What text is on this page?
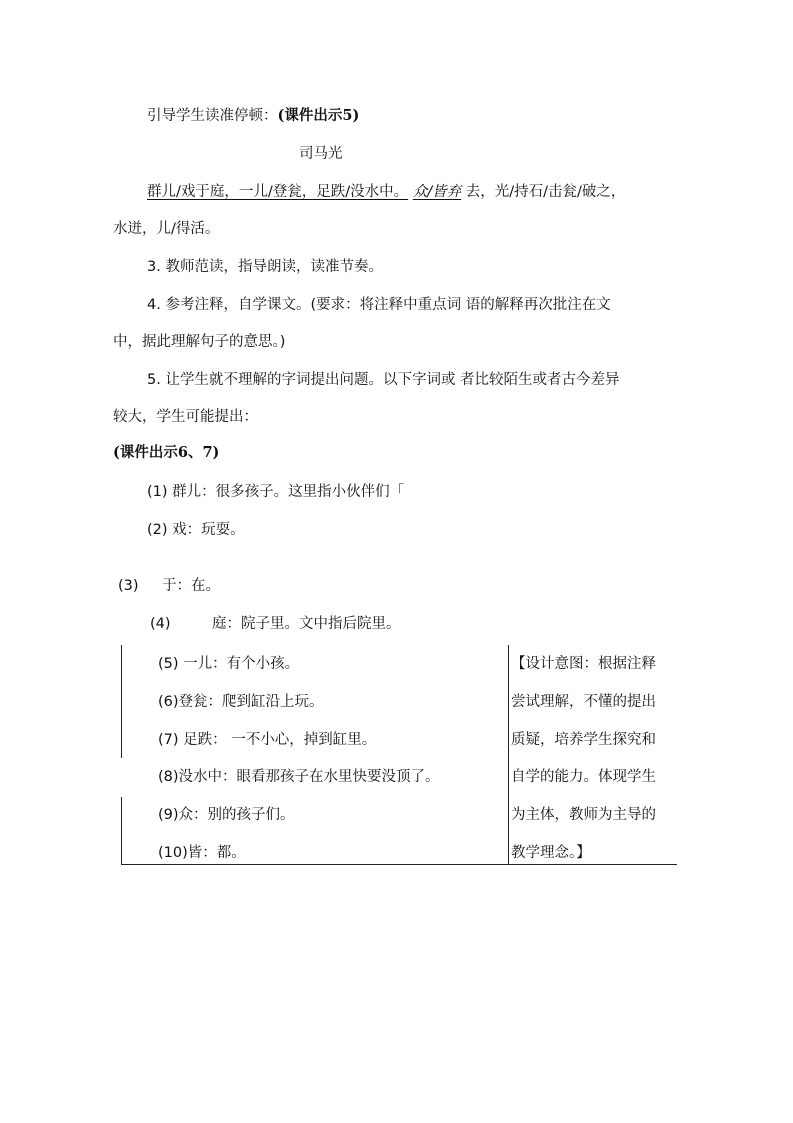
引导学生读准停顿：(课件出示5)
司马光
群儿/戏于庭，一儿/登瓮，足跌/没水中。 众/皆弃 去，光/持石/击瓮/破之，
水迸，儿/得活。
3. 教师范读，指导朗读，读准节奏。
4. 参考注释，自学课文。(要求：将注释中重点词 语的解释再次批注在文
中，据此理解句子的意思。)
5. 让学生就不理解的字词提出问题。以下字词或 者比较陌生或者古今差异
较大，学生可能提出：
(课件出示6、7)
(1) 群儿：很多孩子。这里指小伙伴们「
(2) 戏：玩耍。
(3) 于：在。
(4)	庭：院子里。文中指后院里。
(5) 一儿：有个小孩。
(6)登瓮：爬到缸沿上玩。
(7) 足跌： 一不小心，掉到缸里。
(8)没水中：眼看那孩子在水里快要没顶了。
(9)众：别的孩子们。
(10)皆：都。
【设计意图：根据注释
尝试理解，不懂的提出
质疑，培养学生探究和
自学的能力。体现学生
为主体，教师为主导的
教学理念。】
